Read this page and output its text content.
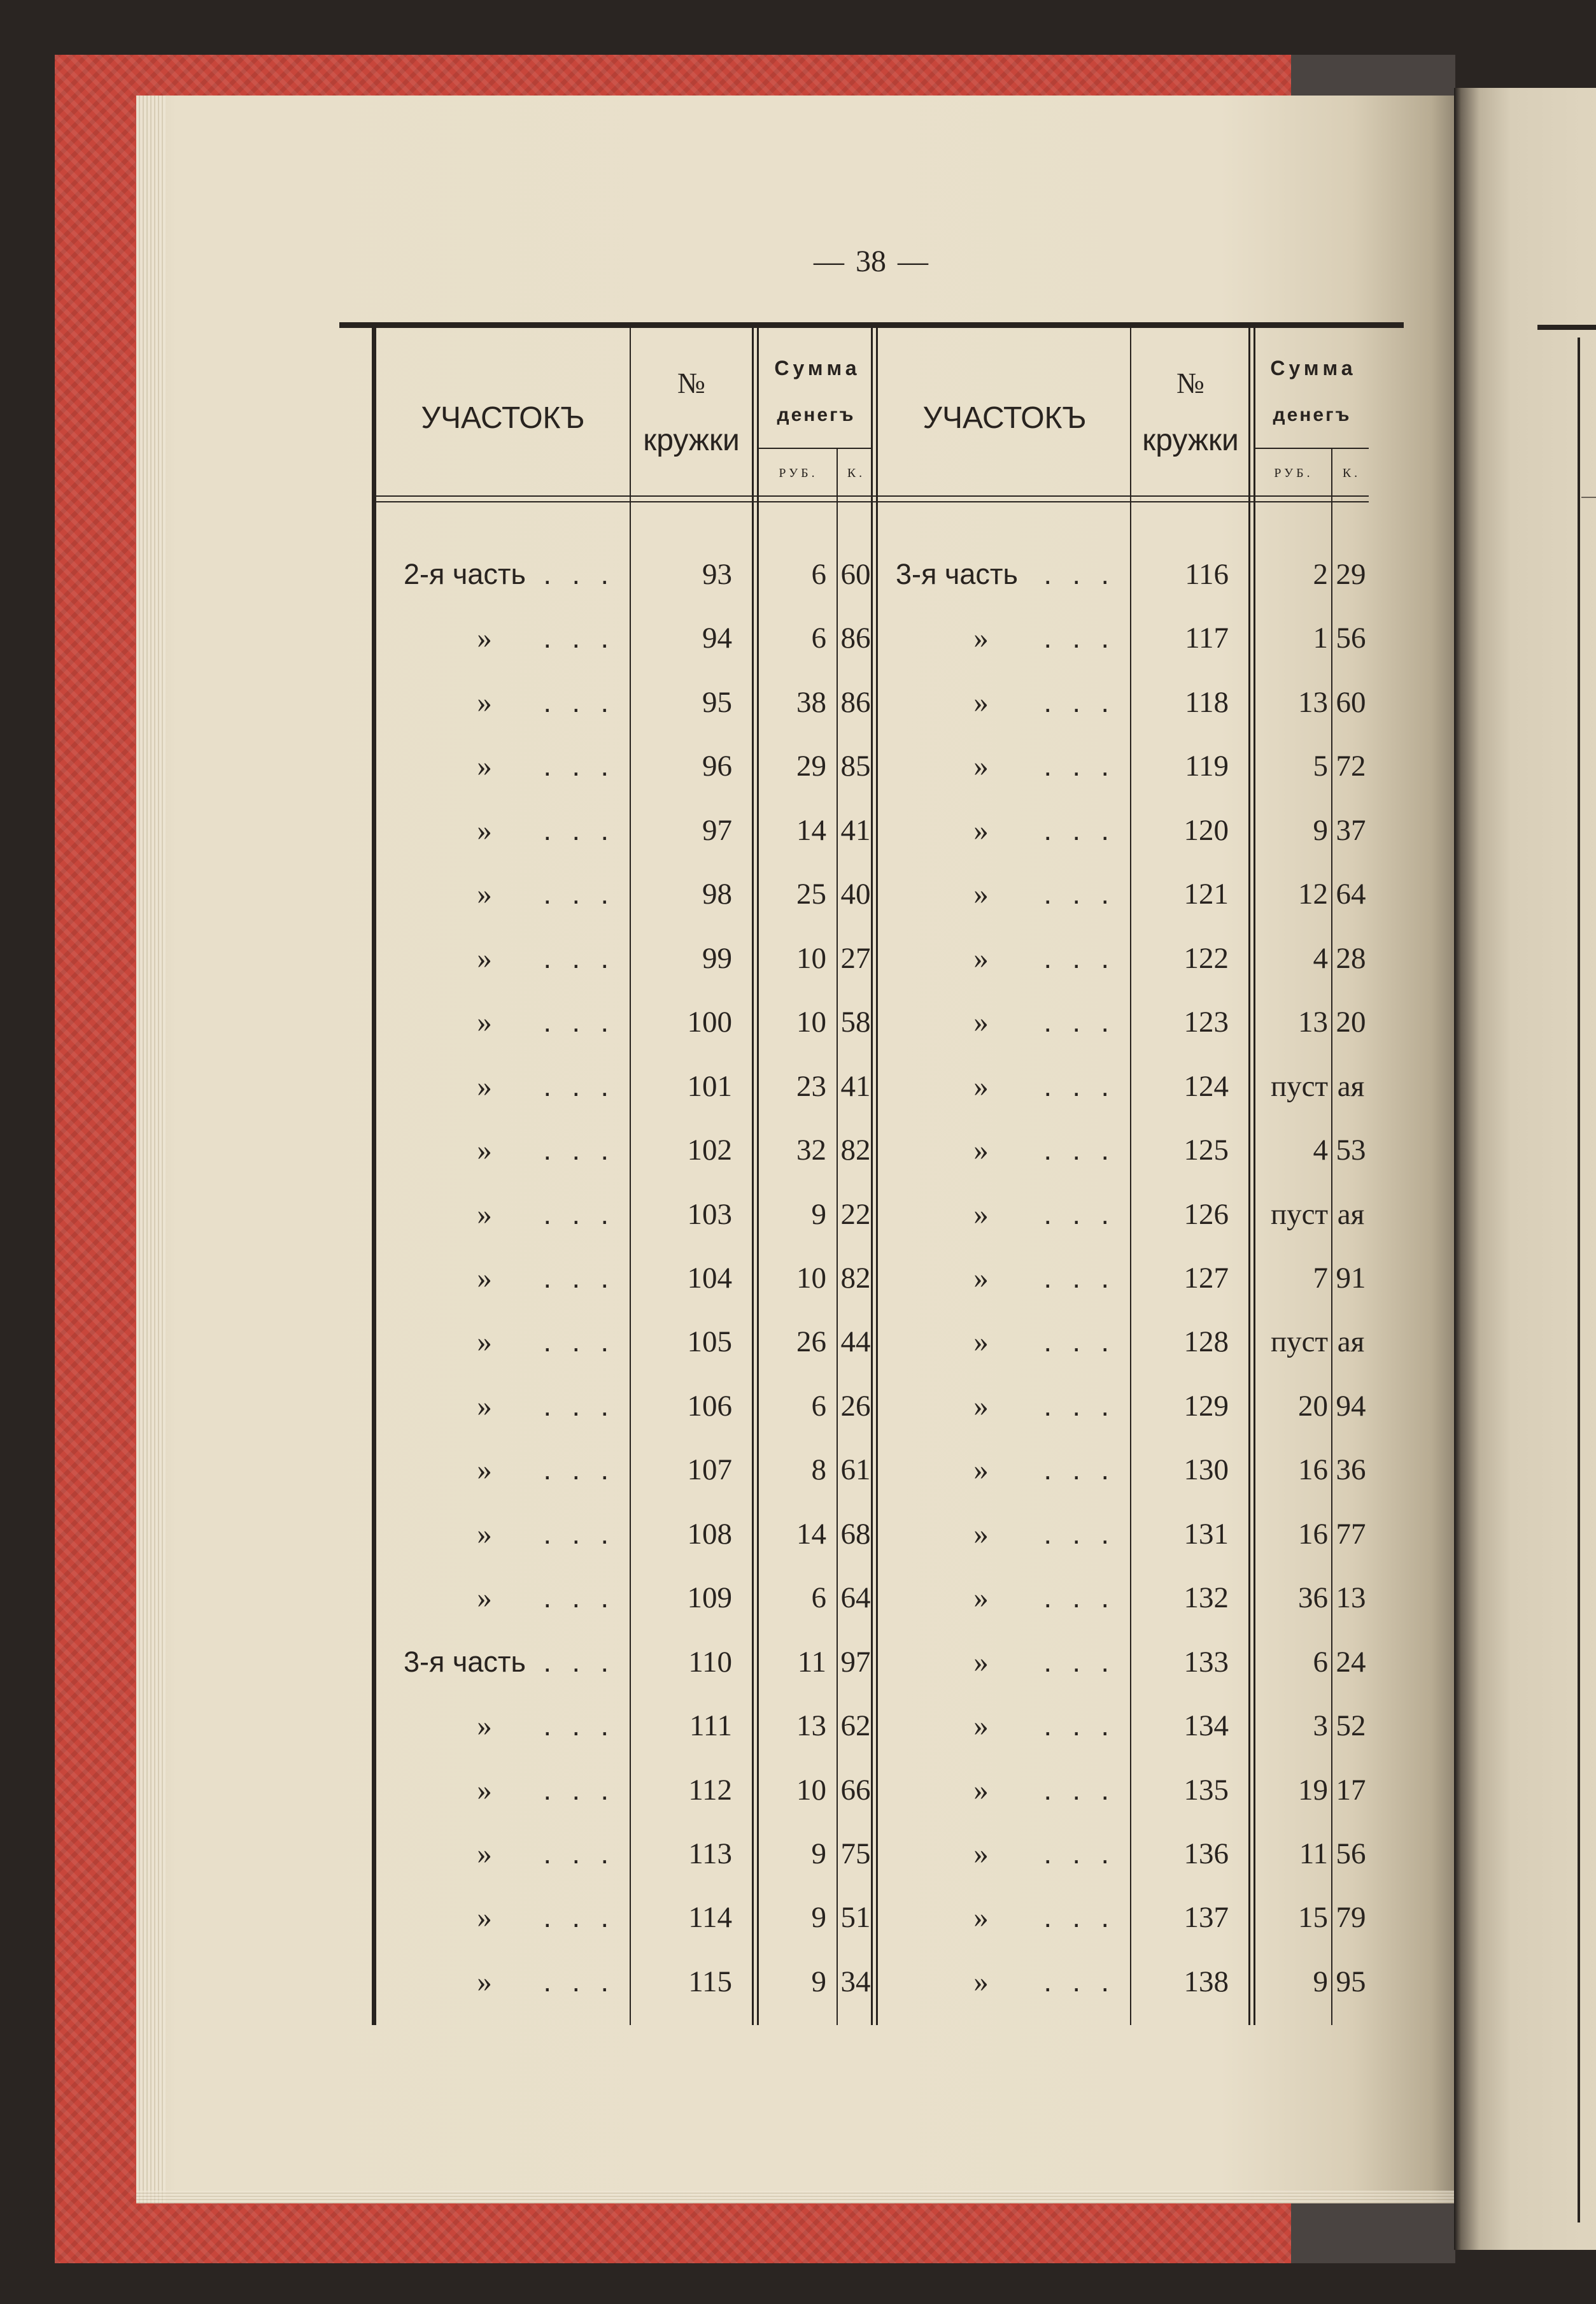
— 38 —
УЧАСТОКЪ
№
кружки
Сумма
денегъ
РУБ. К.
УЧАСТОКЪ
№
кружки
Сумма
денегъ
РУБ. К.
2-я часть . . .	93	6 60
»	. . .	94	6 86
»	. . .	95	38 86
»	. . .	96	29 85
»	. . .	97	14 41
»	. . .	98	25 40
»	. . .	99	10 27
»	. . .	100	10 58
»	. . .	101	23 41
»	. . .	102	32 82
»	. . .	103	9 22
»	. . .	104	10 82
»	. . .	105	26 44
»	. . .	106	6 26
»	. . .	107	8 61
»	. . .	108	14 68
»	. . .	109	6 64
3-я часть . . .	110	11 97
»	. . .	111	13 62
»	. . .	112	10 66
»	. . .	113	9 75
»	. . .	114	9 51
»	. . .	115	9 34
3-я часть . . .	116	2 29
»	. . .	117	1 56
»	. . .	118	13 60
»	. . .	119	5 72
»	. . .	120	9 37
»	. . .	121	12 64
»	. . .	122	4 28
»	. . .	123	13 20
»	. . .	124	пуст ая
»	. . .	125	4 53
»	. . .	126	пуст ая
»	. . .	127	7 91
»	. . .	128	пуст ая
»	. . .	129	20 94
»	. . .	130	16 36
»	. . .	131	16 77
»	. . .	132	36 13
»	. . .	133	6 24
»	. . .	134	3 52
»	. . .	135	19 17
»	. . .	136	11 56
»	. . .	137	15 79
»	. . .	138	9 95
